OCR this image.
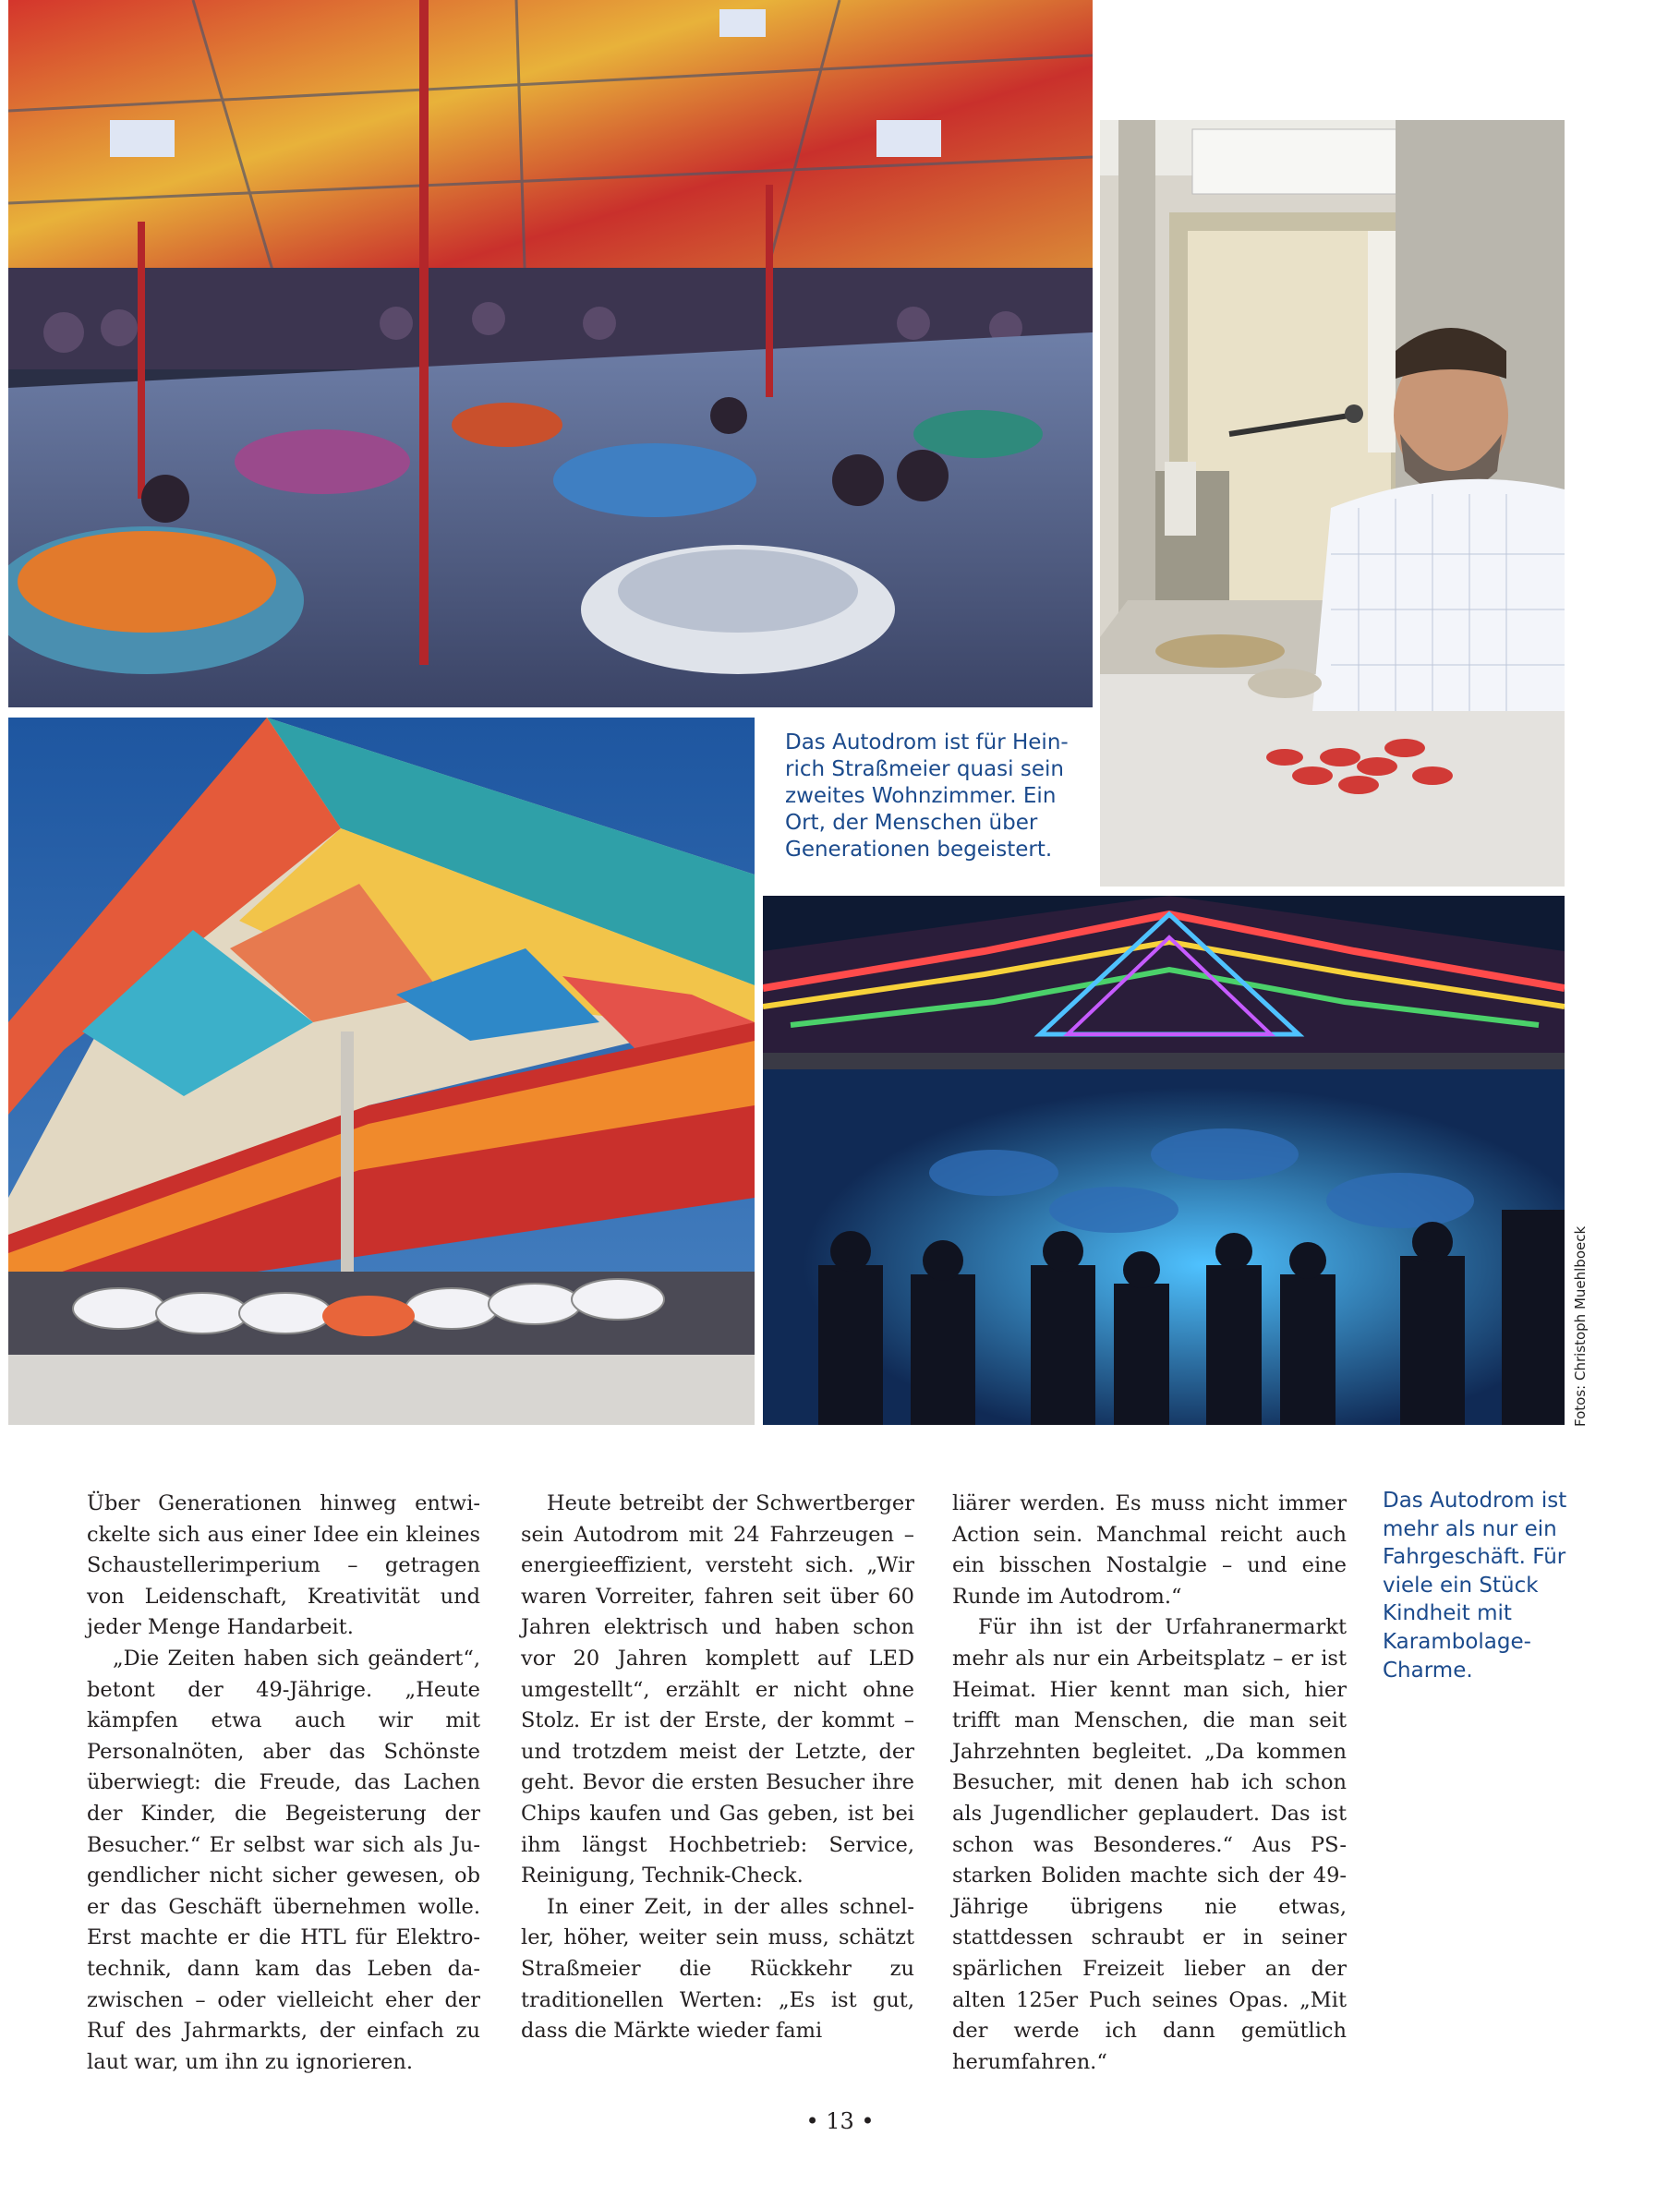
Das Autodrom ist für Heinrich Straßmeier quasi sein zweites Wohnzimmer. Ein Ort, der Menschen über Generationen begeistert.

Fotos: Christoph Muehlboeck

Über Generationen hinweg entwickelte sich aus einer Idee ein kleines Schaustellerimperium – getragen von Leidenschaft, Kreativität und jeder Menge Handarbeit.

„Die Zeiten haben sich geändert“, betont der 49-Jährige. „Heute kämpfen etwa auch wir mit Personalnöten, aber das Schönste überwiegt: die Freude, das Lachen der Kinder, die Begeisterung der Besucher.“ Er selbst war sich als Jugendlicher nicht sicher gewesen, ob er das Geschäft übernehmen wolle. Erst machte er die HTL für Elektrotechnik, dann kam das Leben dazwischen – oder vielleicht eher der Ruf des Jahrmarkts, der einfach zu laut war, um ihn zu ignorieren.

Heute betreibt der Schwertberger sein Autodrom mit 24 Fahrzeugen – energieeffizient, versteht sich. „Wir waren Vorreiter, fahren seit über 60 Jahren elektrisch und haben schon vor 20 Jahren komplett auf LED umgestellt“, erzählt er nicht ohne Stolz. Er ist der Erste, der kommt – und trotzdem meist der Letzte, der geht. Bevor die ersten Besucher ihre Chips kaufen und Gas geben, ist bei ihm längst Hochbetrieb: Service, Reinigung, Technik-Check.

In einer Zeit, in der alles schneller, höher, weiter sein muss, schätzt Straßmeier die Rückkehr zu traditionellen Werten: „Es ist gut, dass die Märkte wieder fami

liärer werden. Es muss nicht immer Action sein. Manchmal reicht auch ein bisschen Nostalgie – und eine Runde im Autodrom.“

Für ihn ist der Urfahranermarkt mehr als nur ein Arbeitsplatz – er ist Heimat. Hier kennt man sich, hier trifft man Menschen, die man seit Jahrzehnten begleitet. „Da kommen Besucher, mit denen hab ich schon als Jugendlicher geplaudert. Das ist schon was Besonderes.“ Aus PS-starken Boliden machte sich der 49-Jährige übrigens nie etwas, stattdessen schraubt er in seiner spärlichen Freizeit lieber an der alten 125er Puch seines Opas. „Mit der werde ich dann gemütlich herumfahren.“

Das Autodrom ist mehr als nur ein Fahrgeschäft. Für viele ein Stück Kindheit mit Karambolage-Charme.

• 13 •
